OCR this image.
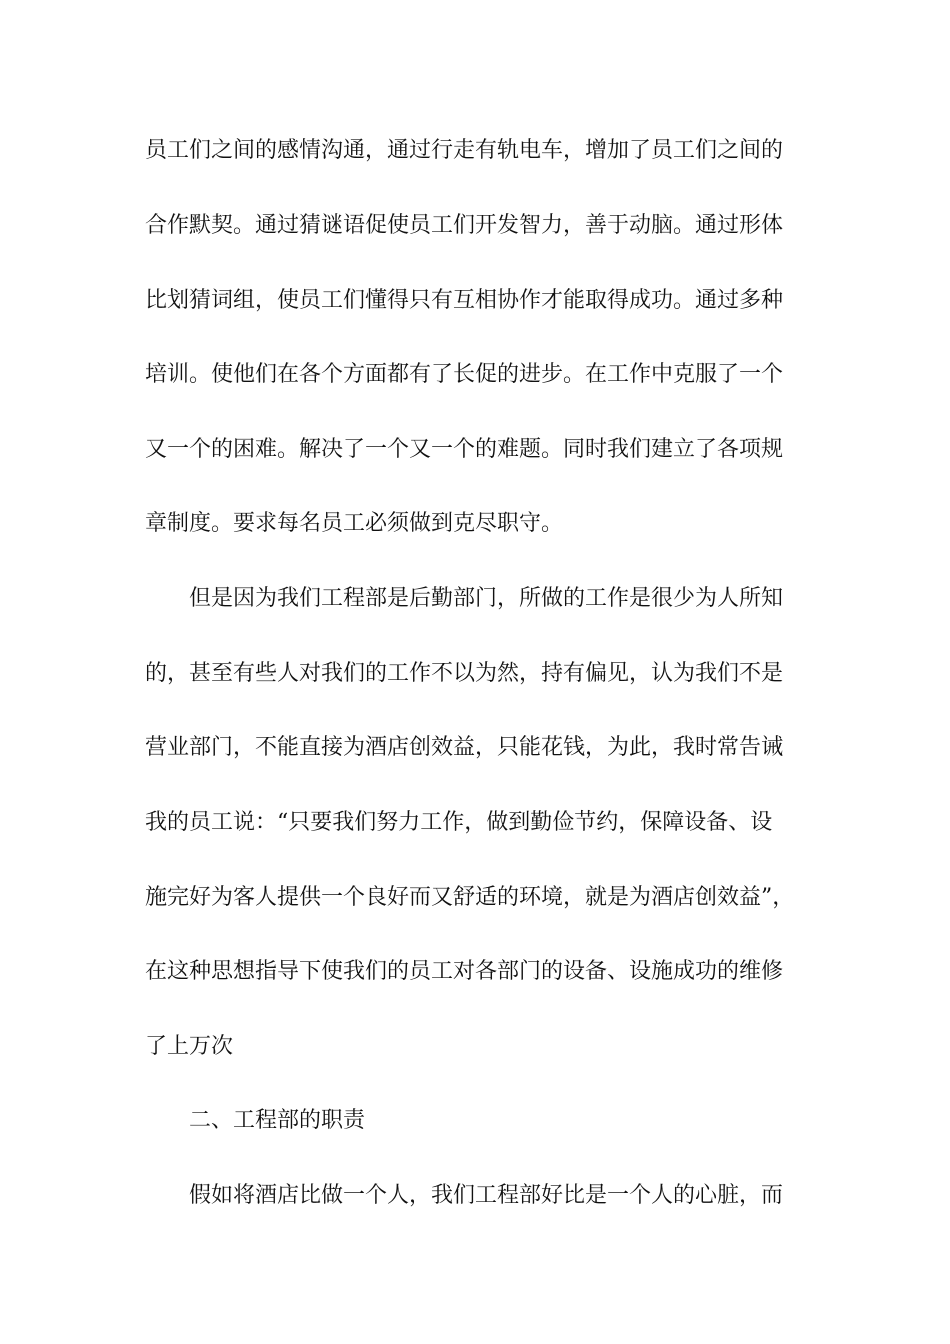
员工们之间的感情沟通，通过行走有轨电车，增加了员工们之间的
合作默契。通过猜谜语促使员工们开发智力，善于动脑。通过形体
比划猜词组，使员工们懂得只有互相协作才能取得成功。通过多种
培训。使他们在各个方面都有了长促的进步。在工作中克服了一个
又一个的困难。解决了一个又一个的难题。同时我们建立了各项规
章制度。要求每名员工必须做到克尽职守。
但是因为我们工程部是后勤部门，所做的工作是很少为人所知
的，甚至有些人对我们的工作不以为然，持有偏见，认为我们不是
营业部门，不能直接为酒店创效益，只能花钱，为此，我时常告诫
我的员工说：“只要我们努力工作，做到勤俭节约，保障设备、设
施完好为客人提供一个良好而又舒适的环境，就是为酒店创效益”，
在这种思想指导下使我们的员工对各部门的设备、设施成功的维修
了上万次
二、工程部的职责
假如将酒店比做一个人，我们工程部好比是一个人的心脏，而
